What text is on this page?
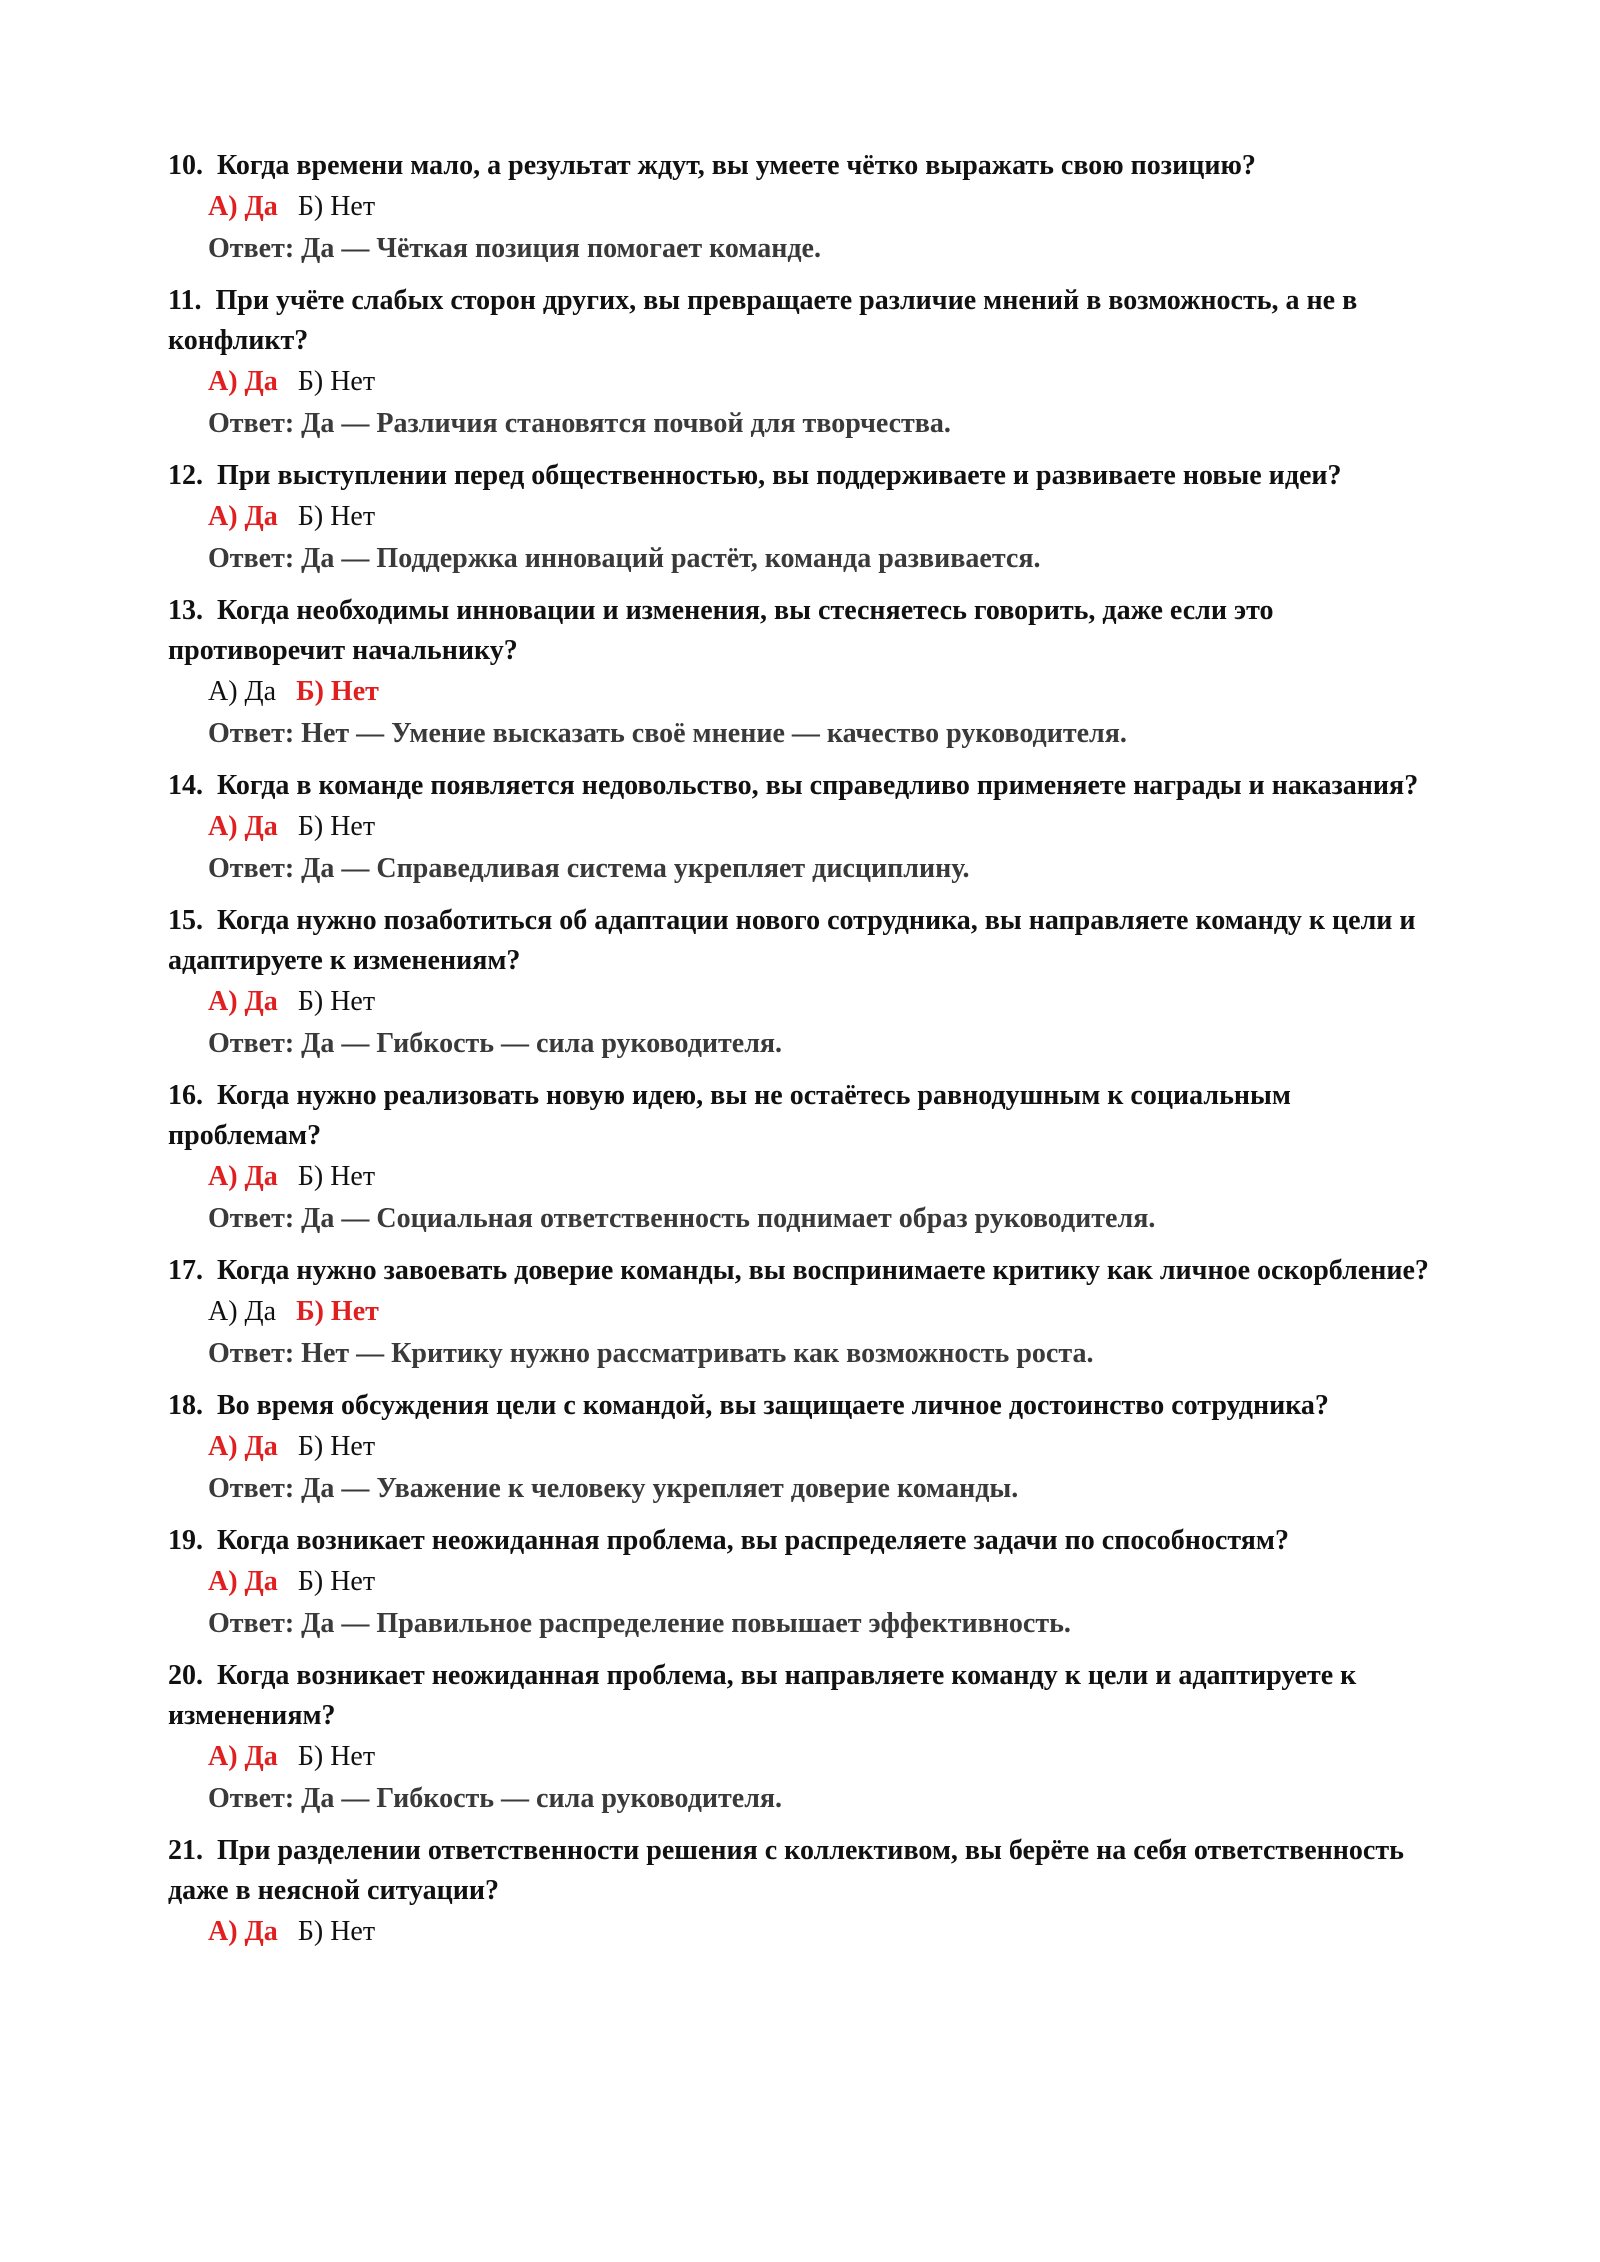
10. Когда времени мало, а результат ждут, вы умеете чётко выражать свою позицию?

А) Да Б) Нет
Ответ: Да — Чёткая позиция помогает команде.

11. При учёте слабых сторон других, вы превращаете различие мнений в возможность, а не в конфликт?

А) Да Б) Нет
Ответ: Да — Различия становятся почвой для творчества.

12. При выступлении перед общественностью, вы поддерживаете и развиваете новые идеи?

А) Да Б) Нет
Ответ: Да — Поддержка инноваций растёт, команда развивается.

13. Когда необходимы инновации и изменения, вы стесняетесь говорить, даже если это противоречит начальнику?

А) Да Б) Нет
Ответ: Нет — Умение высказать своё мнение — качество руководителя.

14. Когда в команде появляется недовольство, вы справедливо применяете награды и наказания?

А) Да Б) Нет
Ответ: Да — Справедливая система укрепляет дисциплину.

15. Когда нужно позаботиться об адаптации нового сотрудника, вы направляете команду к цели и адаптируете к изменениям?

А) Да Б) Нет
Ответ: Да — Гибкость — сила руководителя.

16. Когда нужно реализовать новую идею, вы не остаётесь равнодушным к социальным проблемам?

А) Да Б) Нет
Ответ: Да — Социальная ответственность поднимает образ руководителя.

17. Когда нужно завоевать доверие команды, вы воспринимаете критику как личное оскорбление?

А) Да Б) Нет
Ответ: Нет — Критику нужно рассматривать как возможность роста.

18. Во время обсуждения цели с командой, вы защищаете личное достоинство сотрудника?

А) Да Б) Нет
Ответ: Да — Уважение к человеку укрепляет доверие команды.

19. Когда возникает неожиданная проблема, вы распределяете задачи по способностям?

А) Да Б) Нет
Ответ: Да — Правильное распределение повышает эффективность.

20. Когда возникает неожиданная проблема, вы направляете команду к цели и адаптируете к изменениям?

А) Да Б) Нет
Ответ: Да — Гибкость — сила руководителя.

21. При разделении ответственности решения с коллективом, вы берёте на себя ответственность даже в неясной ситуации?

А) Да Б) Нет
